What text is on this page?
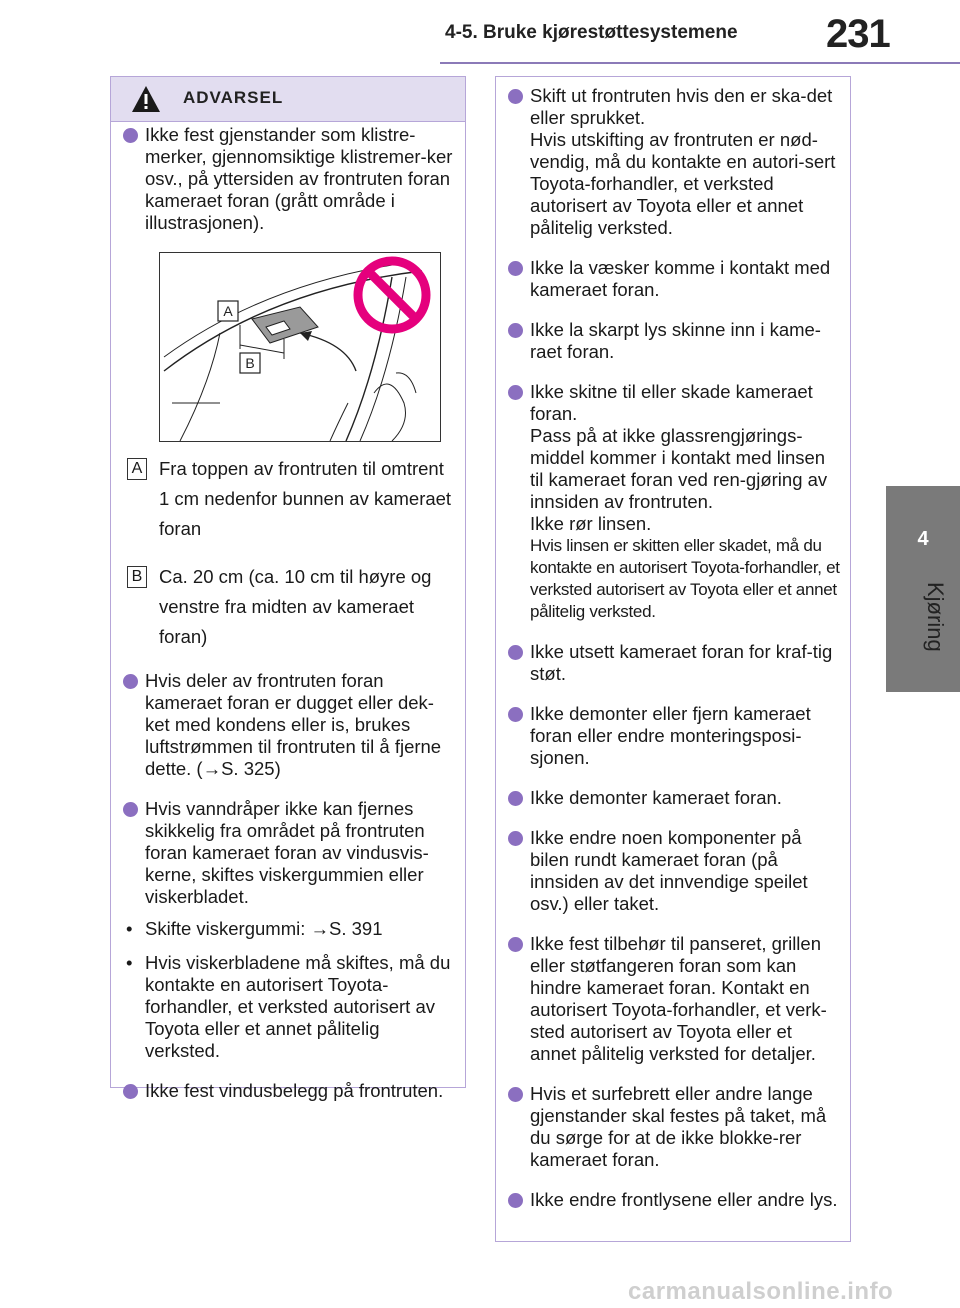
4-5. Bruke kjørestøttesystemene 231
4
Kjøring
ADVARSEL

Ikke fest gjenstander som klistre-merker, gjennomsiktige klistremer-ker osv., på yttersiden av frontruten foran kameraet foran (grått område i illustrasjonen).

A
B
A Fra toppen av frontruten til omtrent 1 cm nedenfor bunnen av kameraet foran
B Ca. 20 cm (ca. 10 cm til høyre og venstre fra midten av kameraet foran)

Hvis deler av frontruten foran kameraet foran er dugget eller dek-ket med kondens eller is, brukes luftstrømmen til frontruten til å fjerne dette. (→S. 325)

Hvis vanndråper ikke kan fjernes skikkelig fra området på frontruten foran kameraet foran av vindusvis-kerne, skiftes viskergummien eller viskerbladet.

• Skifte viskergummi: →S. 391
• Hvis viskerbladene må skiftes, må du kontakte en autorisert Toyota-forhandler, et verksted autorisert av Toyota eller et annet pålitelig verksted.

Ikke fest vindusbelegg på frontruten.

Skift ut frontruten hvis den er ska-det eller sprukket.

Hvis utskifting av frontruten er nød-vendig, må du kontakte en autori-sert Toyota-forhandler, et verksted autorisert av Toyota eller et annet pålitelig verksted.

Ikke la væsker komme i kontakt med kameraet foran.

Ikke la skarpt lys skinne inn i kame-raet foran.

Ikke skitne til eller skade kameraet foran.

Pass på at ikke glassrengjørings-middel kommer i kontakt med linsen til kameraet foran ved ren-gjøring av innsiden av frontruten.

Ikke rør linsen.

Hvis linsen er skitten eller skadet, må du kontakte en autorisert Toyota-forhandler, et verksted autorisert av Toyota eller et annet pålitelig verksted.

Ikke utsett kameraet foran for kraf-tig støt.

Ikke demonter eller fjern kameraet foran eller endre monteringsposi-sjonen.

Ikke demonter kameraet foran.

Ikke endre noen komponenter på bilen rundt kameraet foran (på innsiden av det innvendige speilet osv.) eller taket.

Ikke fest tilbehør til panseret, grillen eller støtfangeren foran som kan hindre kameraet foran. Kontakt en autorisert Toyota-forhandler, et verk-sted autorisert av Toyota eller et annet pålitelig verksted for detaljer.

Hvis et surfebrett eller andre lange gjenstander skal festes på taket, må du sørge for at de ikke blokke-rer kameraet foran.

Ikke endre frontlysene eller andre lys.

carmanualsonline.info
